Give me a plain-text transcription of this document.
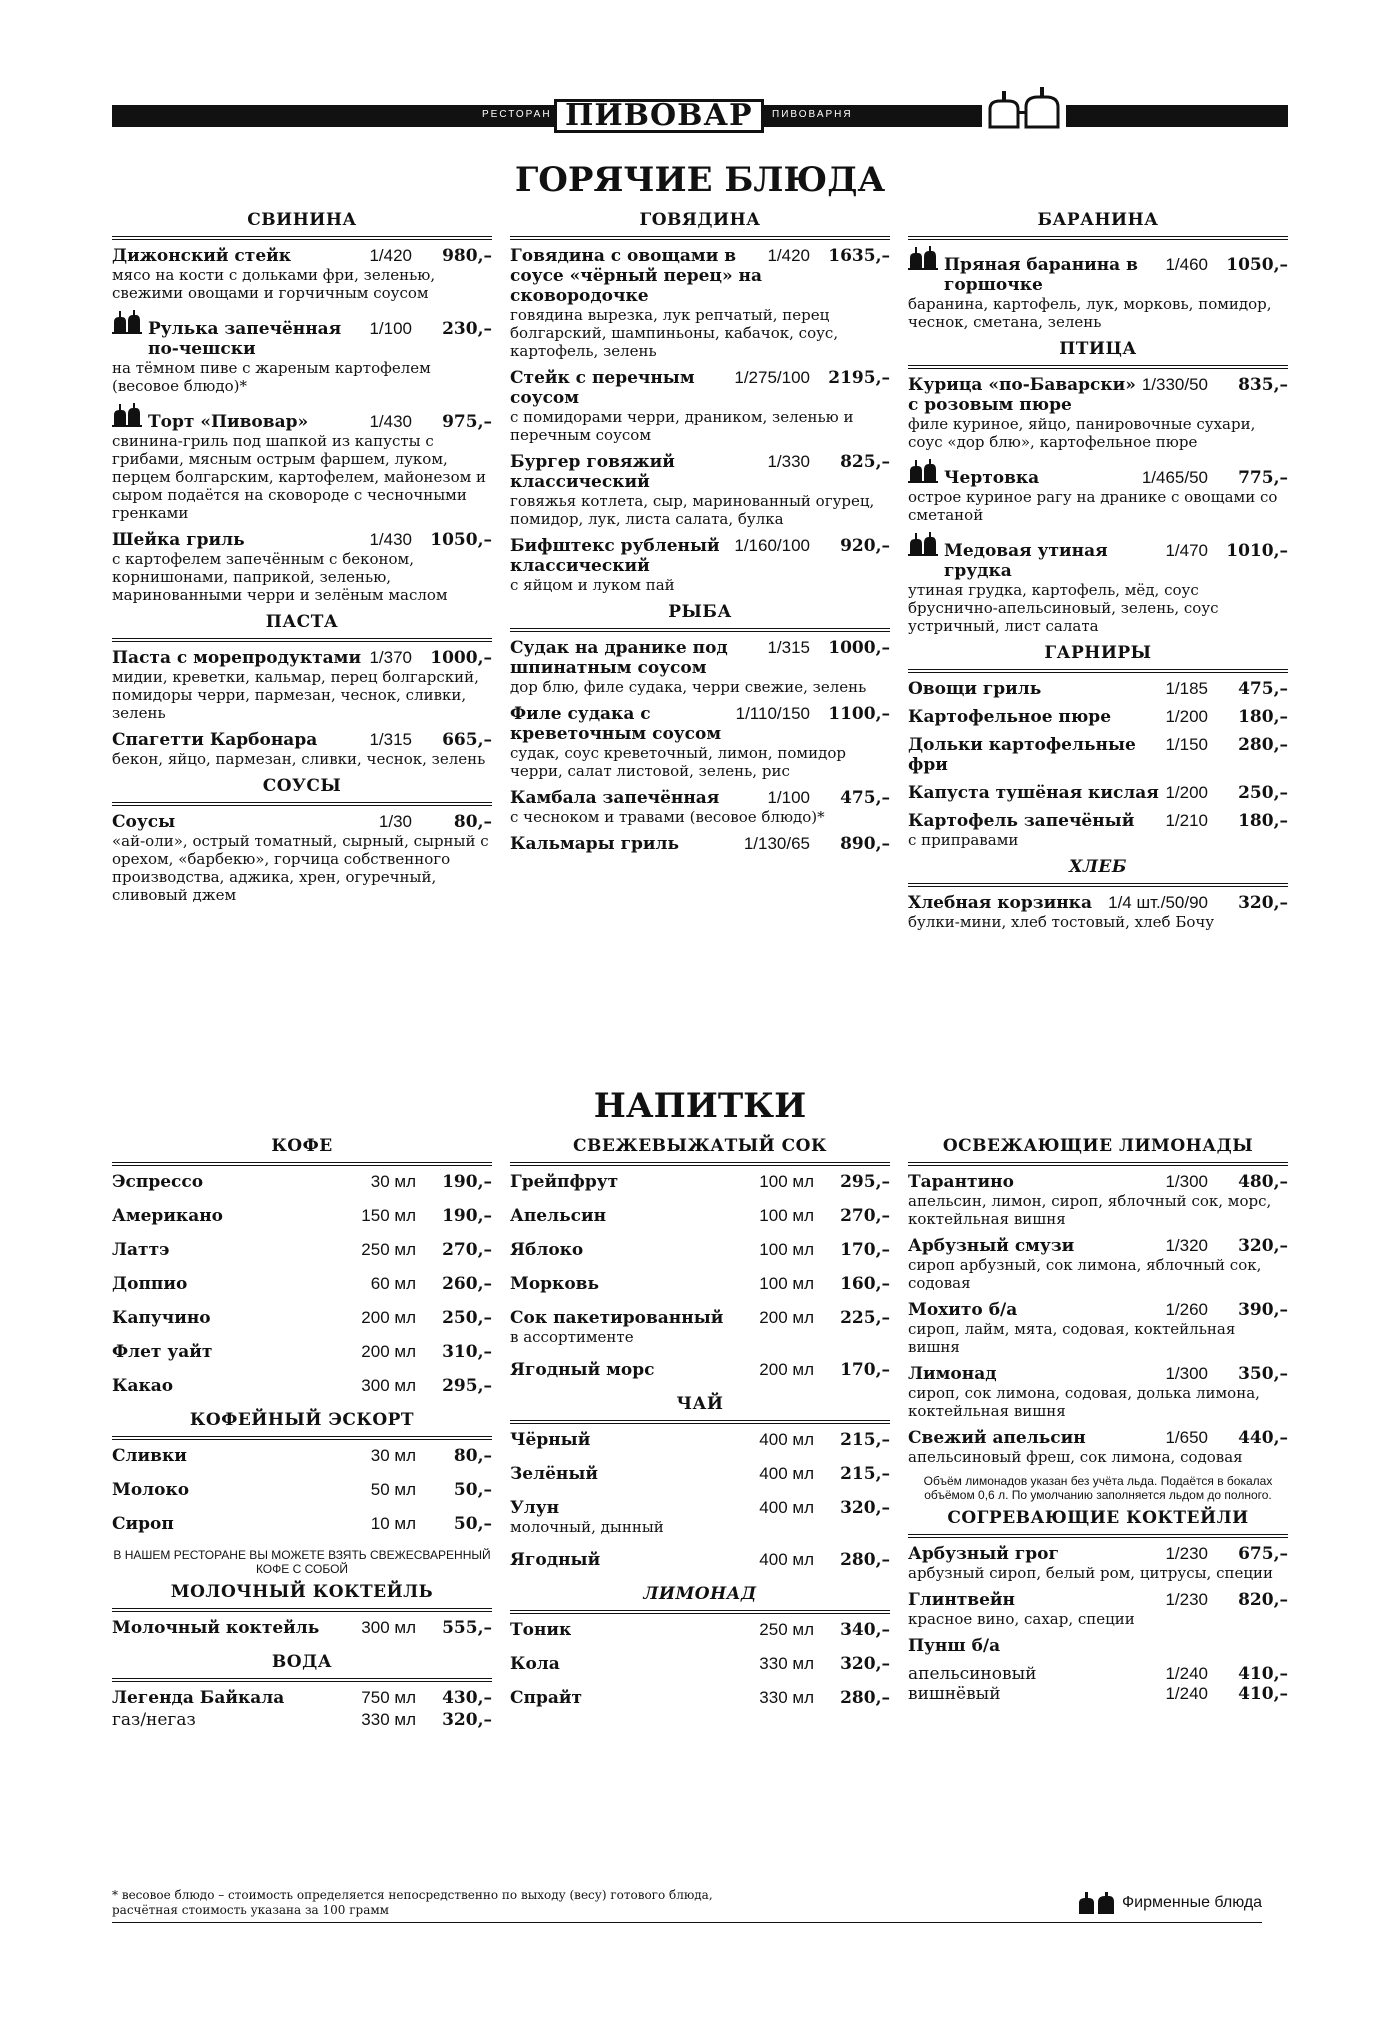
РЕСТОРАН ПИВОВАР	ПИВОВАРНЯ
ГОРЯЧИЕ БЛЮДА
НАПИТКИ
СВИНИНА
Дижонский стейк	1/420	980,–
мясо на кости с дольками фри, зеленью, свежими овощами и горчичным соусом
Рулька запечённая по-чешски
1/100	230,–
на тёмном пиве с жареным картофелем (весовое блюдо)*
Торт «Пивовар»	1/430	975,–
свинина-гриль под шапкой из капусты с грибами, мясным острым фаршем, луком, перцем болгарским, картофелем, майонезом и сыром подаётся на сковороде с чесночными гренками
Шейка гриль	1/430	1050,–
с картофелем запечённым с беконом, корнишонами, паприкой, зеленью, маринованными черри и зелёным маслом
ПАСТА
Паста с морепродуктами 1/370	1000,–
мидии, креветки, кальмар, перец болгарский, помидоры черри, пармезан, чеснок, сливки, зелень
Спагетти Карбонара	1/315	665,–
бекон, яйцо, пармезан, сливки, чеснок, зелень
СОУСЫ
Соусы	1/30	80,–
«ай-оли», острый томатный, сырный, сырный с орехом, «барбекю», горчица собственного производства, аджика, хрен, огуречный, сливовый джем
ГОВЯДИНА
Говядина с овощами в соусе «чёрный перец» на сковородочке
1/420	1635,–
говядина вырезка, лук репчатый, перец болгарский, шампиньоны, кабачок, соус, картофель, зелень
Стейк с перечным соусом
1/275/100	2195,–
с помидорами черри, драником, зеленью и перечным соусом
Бургер говяжий классический
1/330	825,–
говяжья котлета, сыр, маринованный огурец, помидор, лук, листа салата, булка
Бифштекс рубленый классический
1/160/100	920,–
с яйцом и луком пай
РЫБА
Судак на дранике под шпинатным соусом
1/315	1000,–
дор блю, филе судака, черри свежие, зелень
Филе судака с креветочным соусом
1/110/150	1100,–
судак, соус креветочный, лимон, помидор черри, салат листовой, зелень, рис
Камбала запечённая	1/100	475,–
с чесноком и травами (весовое блюдо)*
Кальмары гриль	1/130/65	890,–
БАРАНИНА
Пряная баранина в горшочке
1/460	1050,–
баранина, картофель, лук, морковь, помидор, чеснок, сметана, зелень
ПТИЦА
Курица «по-Баварски» с розовым пюре
1/330/50	835,–
филе куриное, яйцо, панировочные сухари, соус «дор блю», картофельное пюре
Чертовка	1/465/50	775,–
острое куриное рагу на дранике с овощами со сметаной
Медовая утиная грудка
1/470	1010,–
утиная грудка, картофель, мёд, соус бруснично-апельсиновый, зелень, соус устричный, лист салата
ГАРНИРЫ
Овощи гриль	1/185	475,–
Картофельное пюре	1/200	180,–
Дольки картофельные фри
1/150	280,–
Капуста тушёная кислая 1/200	250,–
Картофель запечёный	1/210	180,–
с приправами
ХЛЕБ
Хлебная корзинка 1/4 шт./50/90	320,–
булки-мини, хлеб тостовый, хлеб Бочу
КОФЕ
Эспрессо	30 мл	190,–
Американо	150 мл	190,–
Латтэ	250 мл	270,–
Доппио	60 мл	260,–
Капучино	200 мл	250,–
Флет уайт	200 мл	310,–
Какао	300 мл	295,–
КОФЕЙНЫЙ ЭСКОРТ
Сливки	30 мл	80,–
Молоко	50 мл	50,–
Сироп	10 мл	50,–
В НАШЕМ РЕСТОРАНЕ ВЫ МОЖЕТЕ ВЗЯТЬ СВЕЖЕСВАРЕННЫЙ КОФЕ С СОБОЙ
МОЛОЧНЫЙ КОКТЕЙЛЬ
Молочный коктейль	300 мл	555,–
ВОДА
Легенда Байкала	750 мл	430,–
газ/негаз	330 мл	320,–
СВЕЖЕВЫЖАТЫЙ СОК
Грейпфрут	100 мл	295,–
Апельсин	100 мл	270,–
Яблоко	100 мл	170,–
Морковь	100 мл	160,–
Сок пакетированный	200 мл	225,–
в ассортименте
Ягодный морс	200 мл	170,–
ЧАЙ
Чёрный	400 мл	215,–
Зелёный	400 мл	215,–
Улун	400 мл	320,–
молочный, дынный
Ягодный	400 мл	280,–
ЛИМОНАД
Тоник	250 мл	340,–
Кола	330 мл	320,–
Спрайт	330 мл	280,–
ОСВЕЖАЮЩИЕ ЛИМОНАДЫ
Тарантино	1/300	480,–
апельсин, лимон, сироп, яблочный сок, морс, коктейльная вишня
Арбузный смузи	1/320	320,–
сироп арбузный, сок лимона, яблочный сок, содовая
Мохито б/а	1/260	390,–
сироп, лайм, мята, содовая, коктейльная вишня
Лимонад	1/300	350,–
сироп, сок лимона, содовая, долька лимона, коктейльная вишня
Свежий апельсин	1/650	440,–
апельсиновый фреш, сок лимона, содовая
Объём лимонадов указан без учёта льда. Подаётся в бокалах объёмом 0,6 л. По умолчанию заполняется льдом до полного.
СОГРЕВАЮЩИЕ КОКТЕЙЛИ
Арбузный грог	1/230	675,–
арбузный сироп, белый ром, цитрусы, специи
Глинтвейн	1/230	820,–
красное вино, сахар, специи
Пунш б/а
апельсиновый	1/240	410,–
вишнёвый	1/240	410,–
* весовое блюдо – стоимость определяется непосредственно по выходу (весу) готового блюда, расчётная стоимость указана за 100 грамм	Фирменные блюда
